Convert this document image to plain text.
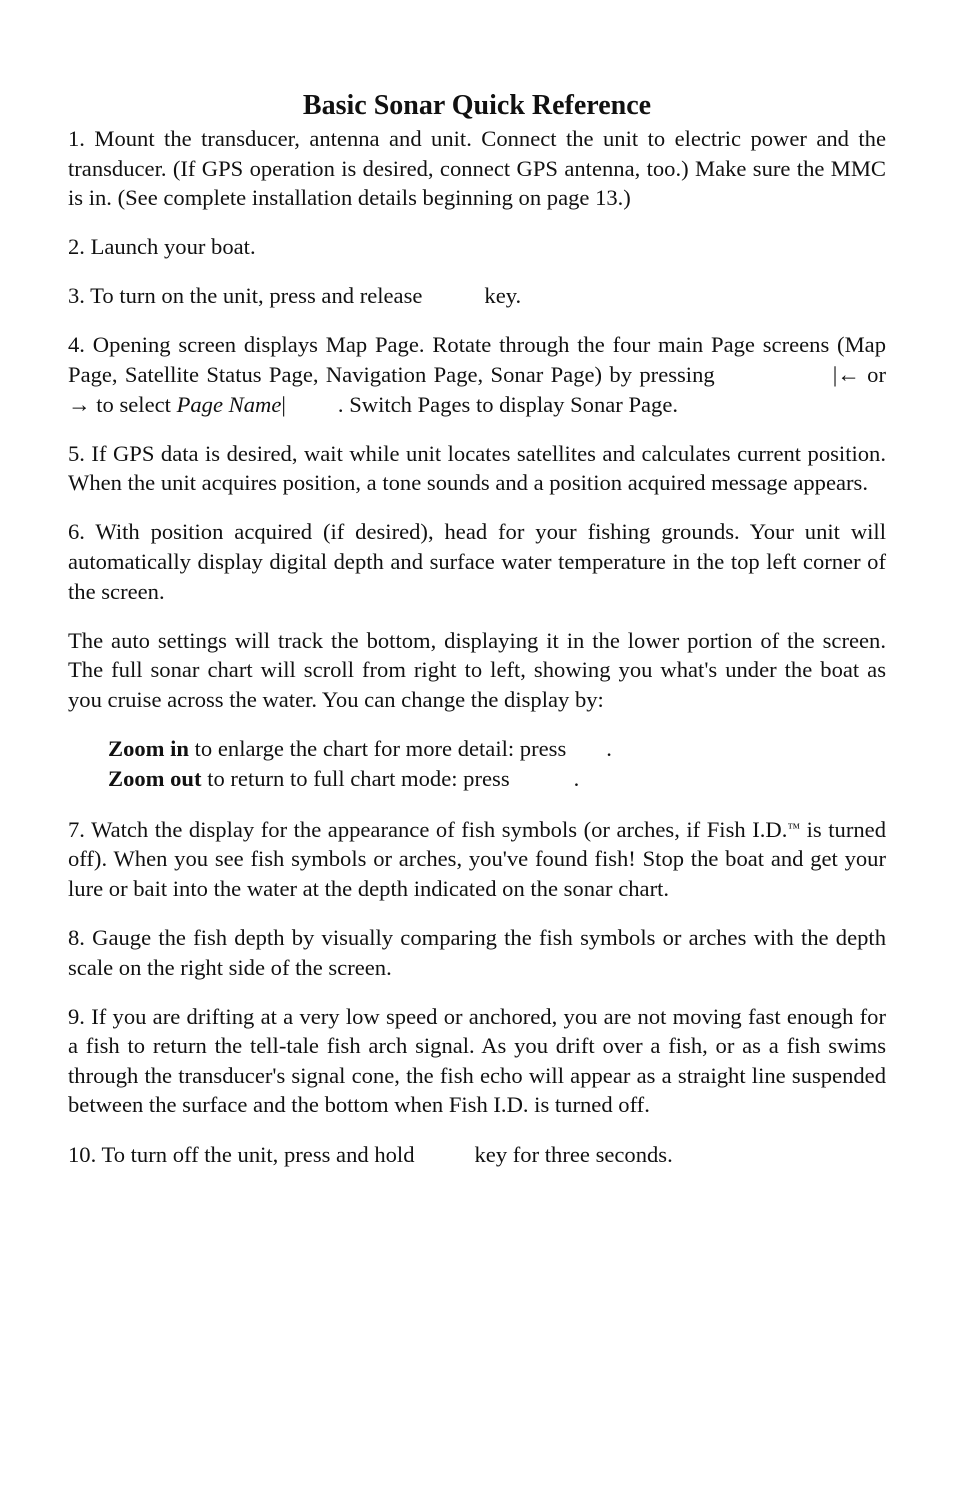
Basic Sonar Quick Reference

1. Mount the transducer, antenna and unit. Connect the unit to electric power and the transducer. (If GPS operation is desired, connect GPS antenna, too.) Make sure the MMC is in. (See complete installation details beginning on page 13.)

2. Launch your boat.

3. To turn on the unit, press and release	key.

4. Opening screen displays Map Page. Rotate through the four main Page screens (Map Page, Satellite Status Page, Navigation Page, Sonar Page) by pressing	|← or → to select Page Name| . Switch Pages to display Sonar Page.

5. If GPS data is desired, wait while unit locates satellites and calculates current position. When the unit acquires position, a tone sounds and a position acquired message appears.

6. With position acquired (if desired), head for your fishing grounds. Your unit will automatically display digital depth and surface water temperature in the top left corner of the screen.

The auto settings will track the bottom, displaying it in the lower portion of the screen. The full sonar chart will scroll from right to left, showing you what's under the boat as you cruise across the water. You can change the display by:

Zoom in to enlarge the chart for more detail: press .
Zoom out to return to full chart mode: press	.

7. Watch the display for the appearance of fish symbols (or arches, if Fish I.D.™ is turned off). When you see fish symbols or arches, you've found fish! Stop the boat and get your lure or bait into the water at the depth indicated on the sonar chart.

8. Gauge the fish depth by visually comparing the fish symbols or arches with the depth scale on the right side of the screen.

9. If you are drifting at a very low speed or anchored, you are not moving fast enough for a fish to return the tell-tale fish arch signal. As you drift over a fish, or as a fish swims through the transducer's signal cone, the fish echo will appear as a straight line suspended between the surface and the bottom when Fish I.D. is turned off.

10. To turn off the unit, press and hold	key for three seconds.
